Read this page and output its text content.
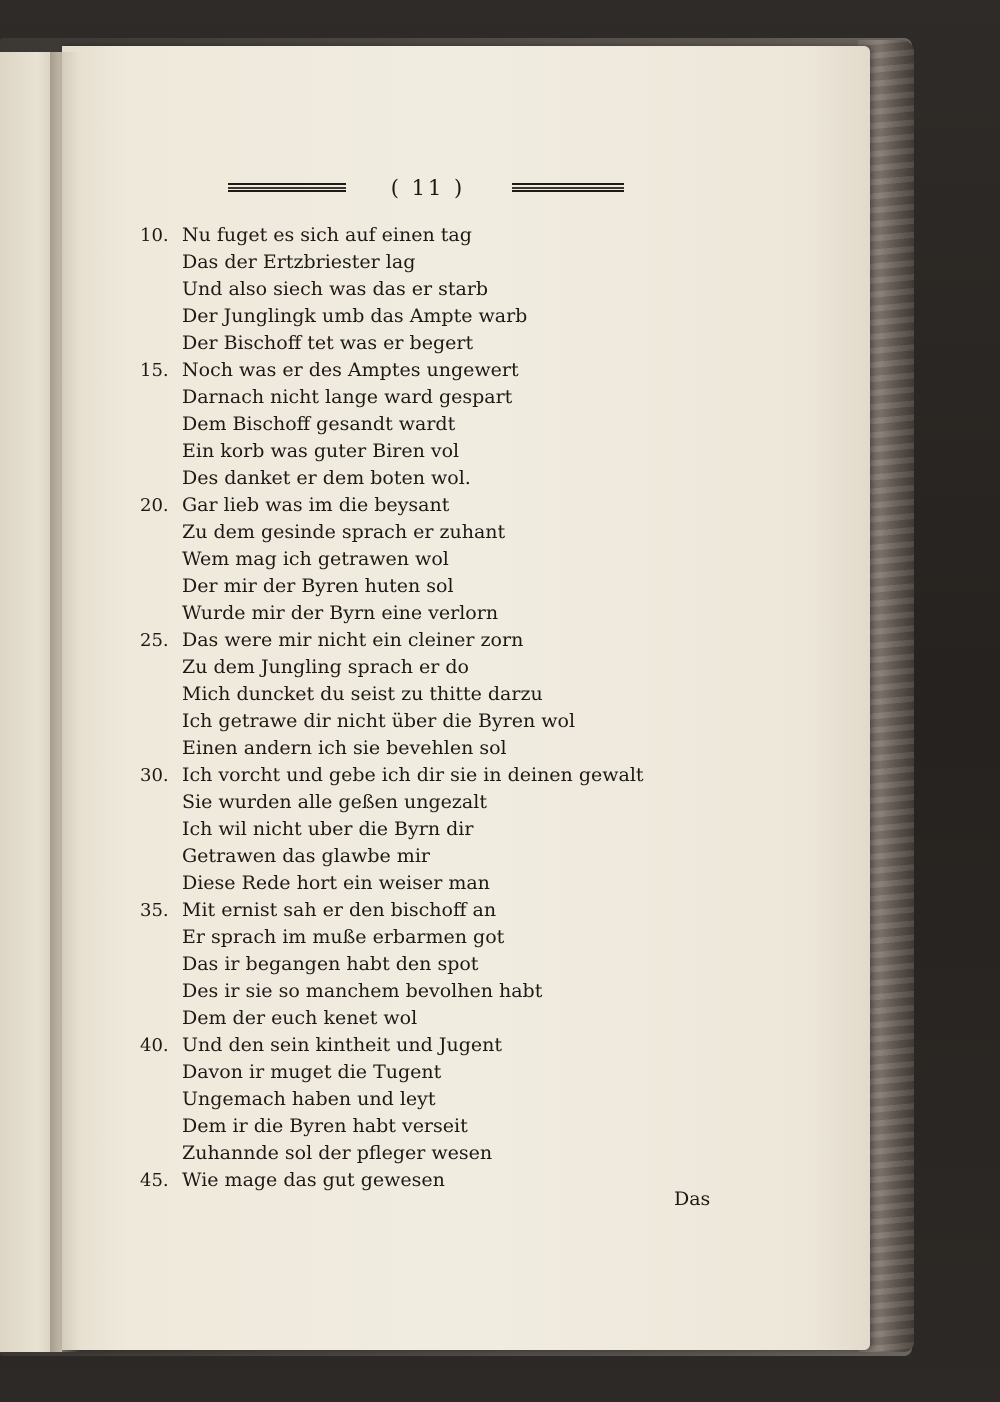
( 11 )
10. Nu fuget es sich auf einen tag
Das der Ertzbriester lag
Und also siech was das er starb
Der Junglingk umb das Ampte warb
Der Bischoff tet was er begert
15. Noch was er des Amptes ungewert
Darnach nicht lange ward gespart
Dem Bischoff gesandt wardt
Ein korb was guter Biren vol
Des danket er dem boten wol.
20. Gar lieb was im die beysant
Zu dem gesinde sprach er zuhant
Wem mag ich getrawen wol
Der mir der Byren huten sol
Wurde mir der Byrn eine verlorn
25. Das were mir nicht ein cleiner zorn
Zu dem Jungling sprach er do
Mich duncket du seist zu thitte darzu
Ich getrawe dir nicht über die Byren wol
Einen andern ich sie bevehlen sol
30. Ich vorcht und gebe ich dir sie in deinen gewalt
Sie wurden alle geßen ungezalt
Ich wil nicht uber die Byrn dir
Getrawen das glawbe mir
Diese Rede hort ein weiser man
35. Mit ernist sah er den bischoff an
Er sprach im muße erbarmen got
Das ir begangen habt den spot
Des ir sie so manchem bevolhen habt
Dem der euch kenet wol
40. Und den sein kintheit und Jugent
Davon ir muget die Tugent
Ungemach haben und leyt
Dem ir die Byren habt verseit
Zuhannde sol der pfleger wesen
45. Wie mage das gut gewesen
Das
